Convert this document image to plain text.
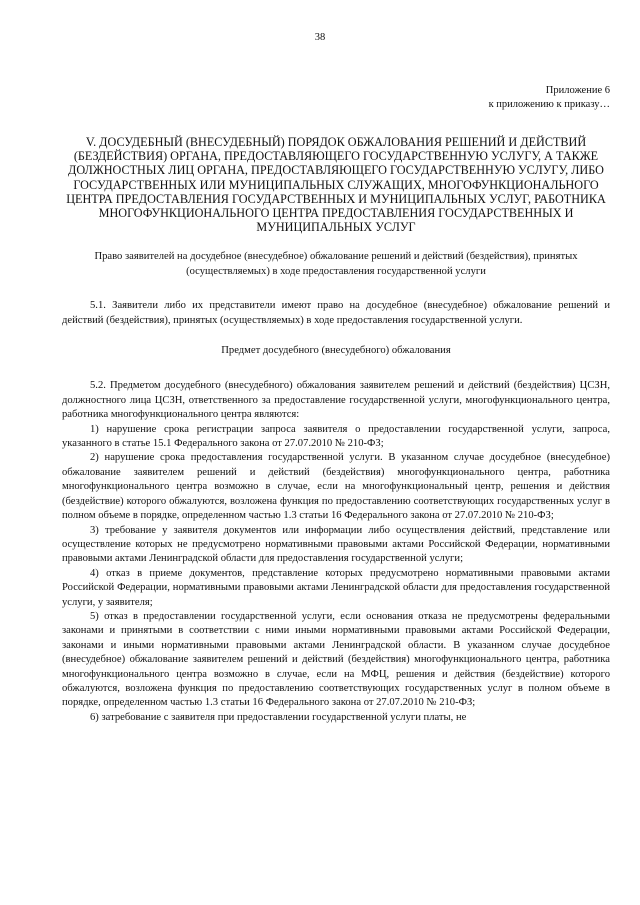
38
Приложение 6
к приложению к приказу…
V. ДОСУДЕБНЫЙ (ВНЕСУДЕБНЫЙ) ПОРЯДОК ОБЖАЛОВАНИЯ РЕШЕНИЙ И ДЕЙСТВИЙ (БЕЗДЕЙСТВИЯ) ОРГАНА, ПРЕДОСТАВЛЯЮЩЕГО ГОСУДАРСТВЕННУЮ УСЛУГУ, А ТАКЖЕ ДОЛЖНОСТНЫХ ЛИЦ ОРГАНА, ПРЕДОСТАВЛЯЮЩЕГО ГОСУДАРСТВЕННУЮ УСЛУГУ, ЛИБО ГОСУДАРСТВЕННЫХ ИЛИ МУНИЦИПАЛЬНЫХ СЛУЖАЩИХ, МНОГОФУНКЦИОНАЛЬНОГО ЦЕНТРА ПРЕДОСТАВЛЕНИЯ ГОСУДАРСТВЕННЫХ И МУНИЦИПАЛЬНЫХ УСЛУГ, РАБОТНИКА МНОГОФУНКЦИОНАЛЬНОГО ЦЕНТРА ПРЕДОСТАВЛЕНИЯ ГОСУДАРСТВЕННЫХ И МУНИЦИПАЛЬНЫХ УСЛУГ
Право заявителей на досудебное (внесудебное) обжалование решений и действий (бездействия), принятых (осуществляемых) в ходе предоставления государственной услуги

5.1. Заявители либо их представители имеют право на досудебное (внесудебное) обжалование решений и действий (бездействия), принятых (осуществляемых) в ходе предоставления государственной услуги.

Предмет досудебного (внесудебного) обжалования

5.2. Предметом досудебного (внесудебного) обжалования заявителем решений и действий (бездействия) ЦСЗН, должностного лица ЦСЗН, ответственного за предоставление государственной услуги, многофункционального центра, работника многофункционального центра являются:

1) нарушение срока регистрации запроса заявителя о предоставлении государственной услуги, запроса, указанного в статье 15.1 Федерального закона от 27.07.2010 № 210-ФЗ;

2) нарушение срока предоставления государственной услуги. В указанном случае досудебное (внесудебное) обжалование заявителем решений и действий (бездействия) многофункционального центра, работника многофункционального центра возможно в случае, если на многофункциональный центр, решения и действия (бездействие) которого обжалуются, возложена функция по предоставлению соответствующих государственных услуг в полном объеме в порядке, определенном частью 1.3 статьи 16 Федерального закона от 27.07.2010 № 210-ФЗ;

3) требование у заявителя документов или информации либо осуществления действий, представление или осуществление которых не предусмотрено нормативными правовыми актами Российской Федерации, нормативными правовыми актами Ленинградской области для предоставления государственной услуги;

4) отказ в приеме документов, представление которых предусмотрено нормативными правовыми актами Российской Федерации, нормативными правовыми актами Ленинградской области для предоставления государственной услуги, у заявителя;

5) отказ в предоставлении государственной услуги, если основания отказа не предусмотрены федеральными законами и принятыми в соответствии с ними иными нормативными правовыми актами Российской Федерации, законами и иными нормативными правовыми актами Ленинградской области. В указанном случае досудебное (внесудебное) обжалование заявителем решений и действий (бездействия) многофункционального центра, работника многофункционального центра возможно в случае, если на МФЦ, решения и действия (бездействие) которого обжалуются, возложена функция по предоставлению соответствующих государственных услуг в полном объеме в порядке, определенном частью 1.3 статьи 16 Федерального закона от 27.07.2010 № 210-ФЗ;

6) затребование с заявителя при предоставлении государственной услуги платы, не
